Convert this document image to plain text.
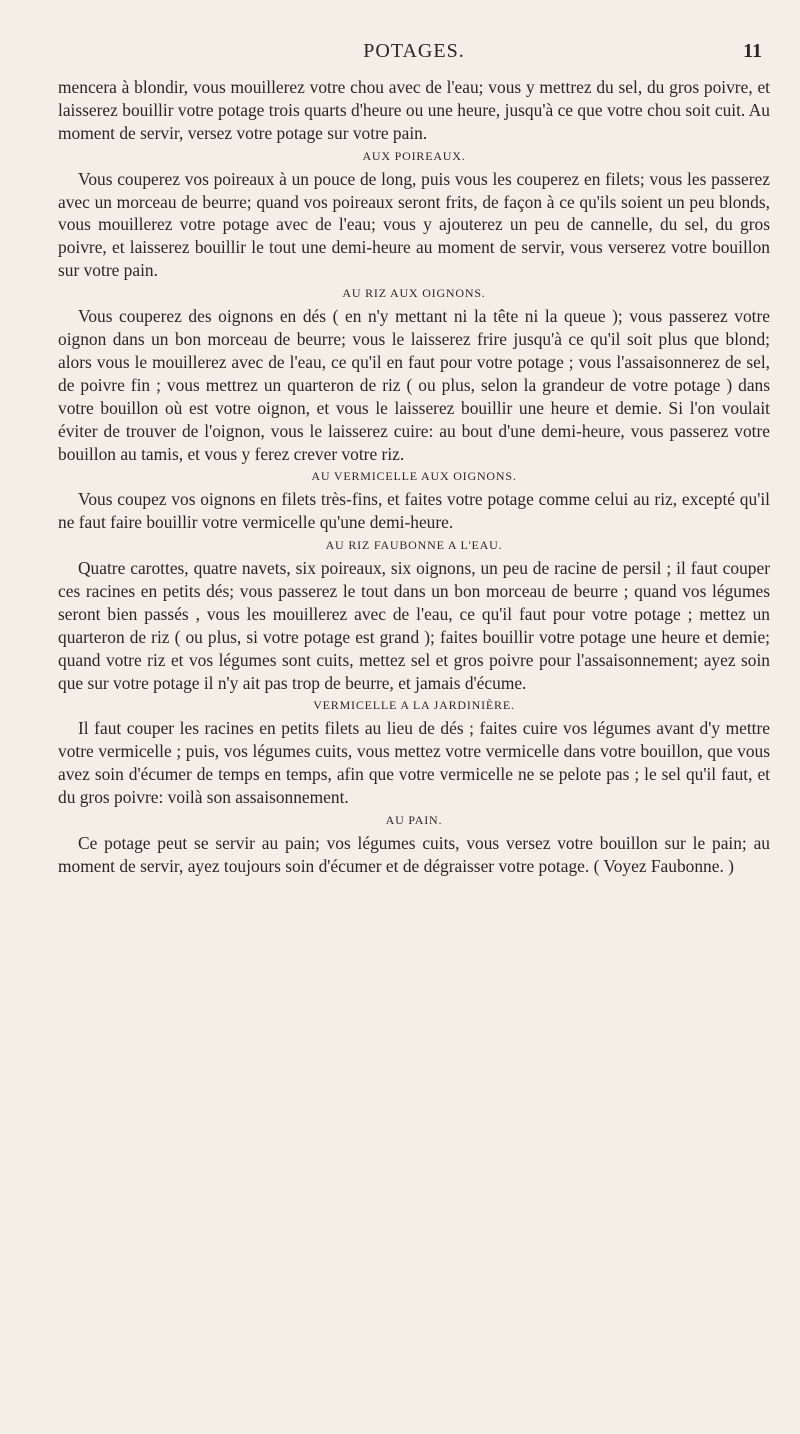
POTAGES.	11

mencera à blondir, vous mouillerez votre chou avec de l'eau; vous y mettrez du sel, du gros poivre, et laisserez bouillir votre potage trois quarts d'heure ou une heure, jusqu'à ce que votre chou soit cuit. Au moment de servir, versez votre potage sur votre pain.

AUX POIREAUX.

Vous couperez vos poireaux à un pouce de long, puis vous les couperez en filets; vous les passerez avec un morceau de beurre; quand vos poireaux seront frits, de façon à ce qu'ils soient un peu blonds, vous mouillerez votre potage avec de l'eau; vous y ajouterez un peu de cannelle, du sel, du gros poivre, et laisserez bouillir le tout une demi-heure au moment de servir, vous verserez votre bouillon sur votre pain.

AU RIZ AUX OIGNONS.

Vous couperez des oignons en dés ( en n'y mettant ni la tête ni la queue ); vous passerez votre oignon dans un bon morceau de beurre; vous le laisserez frire jusqu'à ce qu'il soit plus que blond; alors vous le mouillerez avec de l'eau, ce qu'il en faut pour votre potage ; vous l'assaisonnerez de sel, de poivre fin ; vous mettrez un quarteron de riz ( ou plus, selon la grandeur de votre potage ) dans votre bouillon où est votre oignon, et vous le laisserez bouillir une heure et demie. Si l'on voulait éviter de trouver de l'oignon, vous le laisserez cuire: au bout d'une demi-heure, vous passerez votre bouillon au tamis, et vous y ferez crever votre riz.

AU VERMICELLE AUX OIGNONS.

Vous coupez vos oignons en filets très-fins, et faites votre potage comme celui au riz, excepté qu'il ne faut faire bouillir votre vermicelle qu'une demi-heure.

AU RIZ FAUBONNE A L'EAU.

Quatre carottes, quatre navets, six poireaux, six oignons, un peu de racine de persil ; il faut couper ces racines en petits dés; vous passerez le tout dans un bon morceau de beurre ; quand vos légumes seront bien passés , vous les mouillerez avec de l'eau, ce qu'il faut pour votre potage ; mettez un quarteron de riz ( ou plus, si votre potage est grand ); faites bouillir votre potage une heure et demie; quand votre riz et vos légumes sont cuits, mettez sel et gros poivre pour l'assaisonnement; ayez soin que sur votre potage il n'y ait pas trop de beurre, et jamais d'écume.

VERMICELLE A LA JARDINIÈRE.

Il faut couper les racines en petits filets au lieu de dés ; faites cuire vos légumes avant d'y mettre votre vermicelle ; puis, vos légumes cuits, vous mettez votre vermicelle dans votre bouillon, que vous avez soin d'écumer de temps en temps, afin que votre vermicelle ne se pelote pas ; le sel qu'il faut, et du gros poivre: voilà son assaisonnement.

AU PAIN.

Ce potage peut se servir au pain; vos légumes cuits, vous versez votre bouillon sur le pain; au moment de servir, ayez toujours soin d'écumer et de dégraisser votre potage. ( Voyez Faubonne. )
